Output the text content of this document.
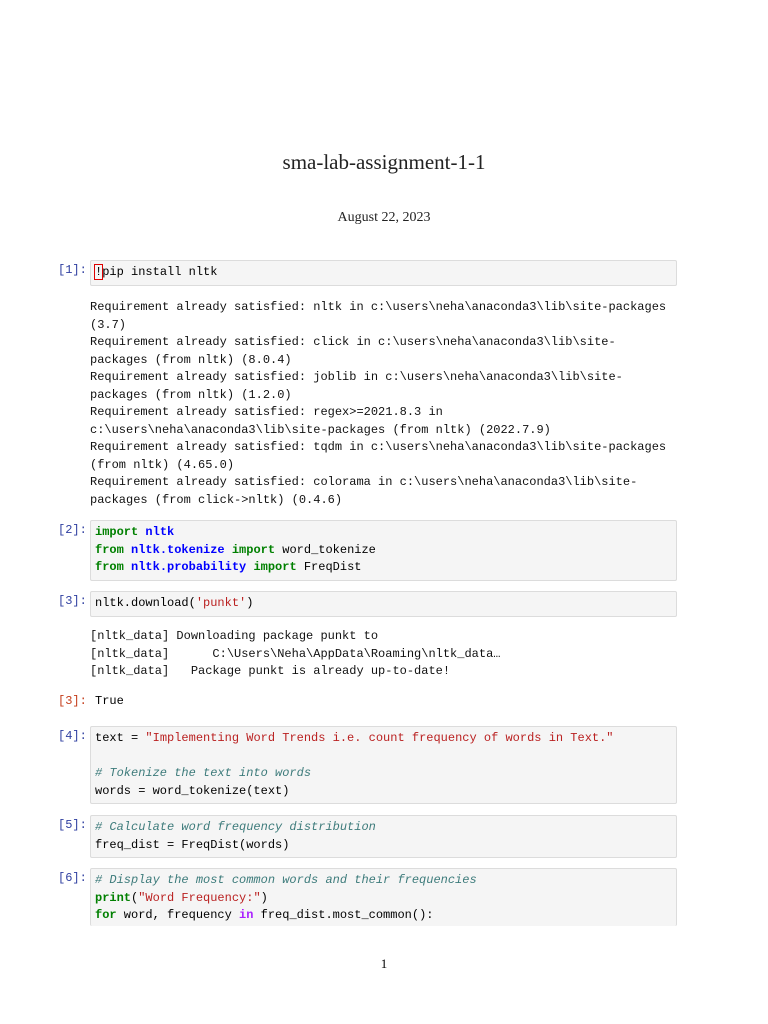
sma-lab-assignment-1-1
August 22, 2023
[1]: !pip install nltk
Requirement already satisfied: nltk in c:\users\neha\anaconda3\lib\site-packages
(3.7)
Requirement already satisfied: click in c:\users\neha\anaconda3\lib\site-
packages (from nltk) (8.0.4)
Requirement already satisfied: joblib in c:\users\neha\anaconda3\lib\site-
packages (from nltk) (1.2.0)
Requirement already satisfied: regex>=2021.8.3 in
c:\users\neha\anaconda3\lib\site-packages (from nltk) (2022.7.9)
Requirement already satisfied: tqdm in c:\users\neha\anaconda3\lib\site-packages
(from nltk) (4.65.0)
Requirement already satisfied: colorama in c:\users\neha\anaconda3\lib\site-
packages (from click->nltk) (0.4.6)
[2]: import nltk
from nltk.tokenize import word_tokenize
from nltk.probability import FreqDist
[3]: nltk.download('punkt')
[nltk_data] Downloading package punkt to
[nltk_data]      C:\Users\Neha\AppData\Roaming\nltk_data…
[nltk_data]   Package punkt is already up-to-date!
[3]: True
[4]: text = "Implementing Word Trends i.e. count frequency of words in Text."

# Tokenize the text into words
words = word_tokenize(text)
[5]: # Calculate word frequency distribution
freq_dist = FreqDist(words)
[6]: # Display the most common words and their frequencies
print("Word Frequency:")
for word, frequency in freq_dist.most_common():
1
